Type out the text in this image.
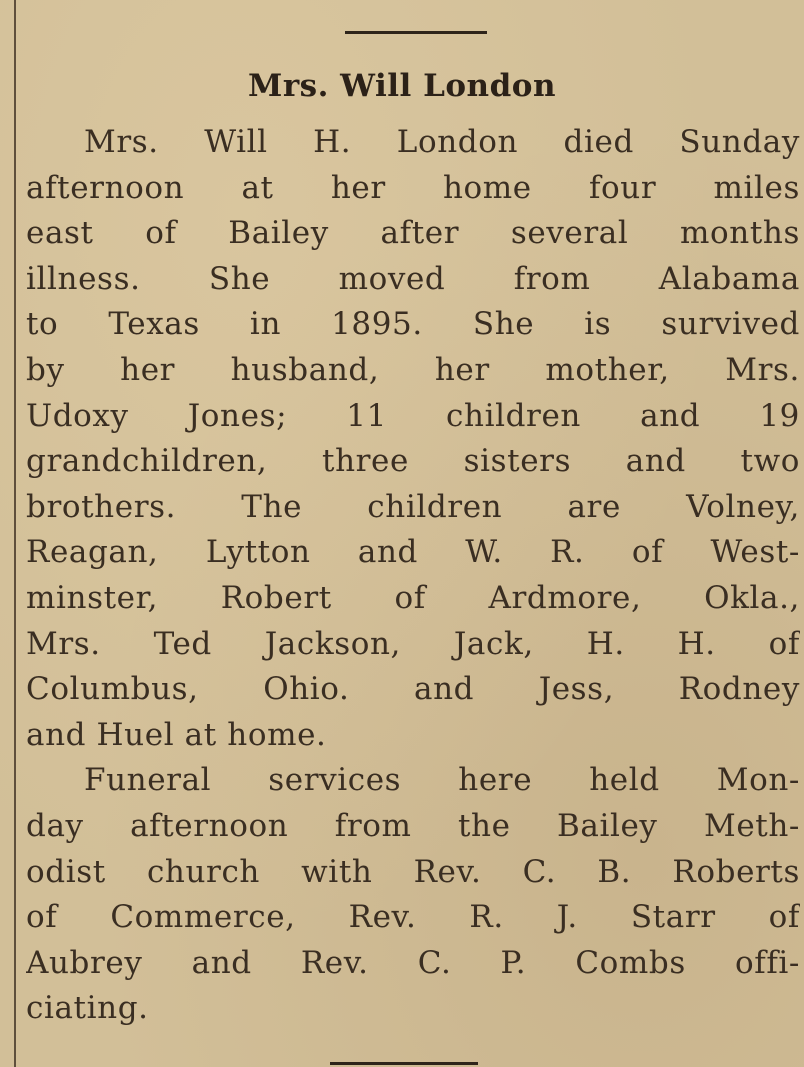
Mrs. Will London
Mrs. Will H. London died Sunday
afternoon at her home four miles
east of Bailey after several months
illness. She moved from Alabama
to Texas in 1895. She is survived
by her husband, her mother, Mrs.
Udoxy Jones; 11 children and 19
grandchildren, three sisters and two
brothers. The children are Volney,
Reagan, Lytton and W. R. of West-
minster, Robert of Ardmore, Okla.,
Mrs. Ted Jackson, Jack, H. H. of
Columbus, Ohio. and Jess, Rodney
and Huel at home.
Funeral services here held Mon-
day afternoon from the Bailey Meth-
odist church with Rev. C. B. Roberts
of Commerce, Rev. R. J. Starr of
Aubrey and Rev. C. P. Combs offi-
ciating.
